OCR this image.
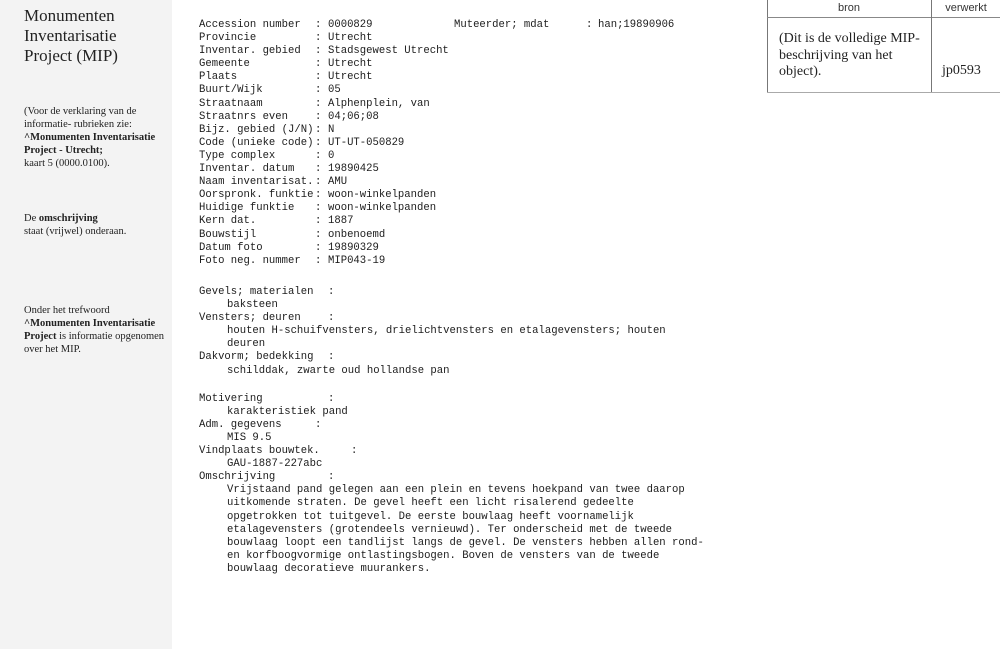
Monumenten Inventarisatie Project (MIP)
(Voor de verklaring van de informatie- rubrieken zie:
^Monumenten Inventarisatie Project - Utrecht;
kaart 5 (0000.0100).
De omschrijving
staat (vrijwel) onderaan.
Onder het trefwoord
^Monumenten Inventarisatie Project is informatie opgenomen over het MIP.
Accession number : 0000829	Muteerder; mdat	: han;19890906
Provincie	: Utrecht
Inventar. gebied : Stadsgewest Utrecht
Gemeente	: Utrecht
Plaats	: Utrecht
Buurt/Wijk	: 05
Straatnaam	: Alphenplein, van
Straatnrs even	: 04;06;08
Bijz. gebied (J/N) : N
Code (unieke code) : UT-UT-050829
Type complex	: 0
Inventar. datum : 19890425
Naam inventarisat. : AMU
Oorspronk. funktie : woon-winkelpanden
Huidige funktie : woon-winkelpanden
Kern dat.	: 1887
Bouwstijl	: onbenoemd
Datum foto	: 19890329
Foto neg. nummer : MIP043-19
Gevels; materialen :
baksteen
Vensters; deuren	:
houten H-schuifvensters, drielichtvensters en etalagevensters; houten
deuren
Dakvorm; bedekking :
schilddak, zwarte oud hollandse pan
Motivering	:
karakteristiek pand
Adm. gegevens	:
MIS 9.5
Vindplaats bouwtek.	:
GAU-1887-227abc
Omschrijving	:
Vrijstaand pand gelegen aan een plein en tevens hoekpand van twee daarop
uitkomende straten. De gevel heeft een licht risalerend gedeelte
opgetrokken tot tuitgevel. De eerste bouwlaag heeft voornamelijk
etalagevensters (grotendeels vernieuwd). Ter onderscheid met de tweede
bouwlaag loopt een tandlijst langs de gevel. De vensters hebben allen rond-
en korfboogvormige ontlastingsbogen. Boven de vensters van de tweede
bouwlaag decoratieve muurankers.
bron	verwerkt
(Dit is de volledige MIP-beschrijving van het object).	jp0593
